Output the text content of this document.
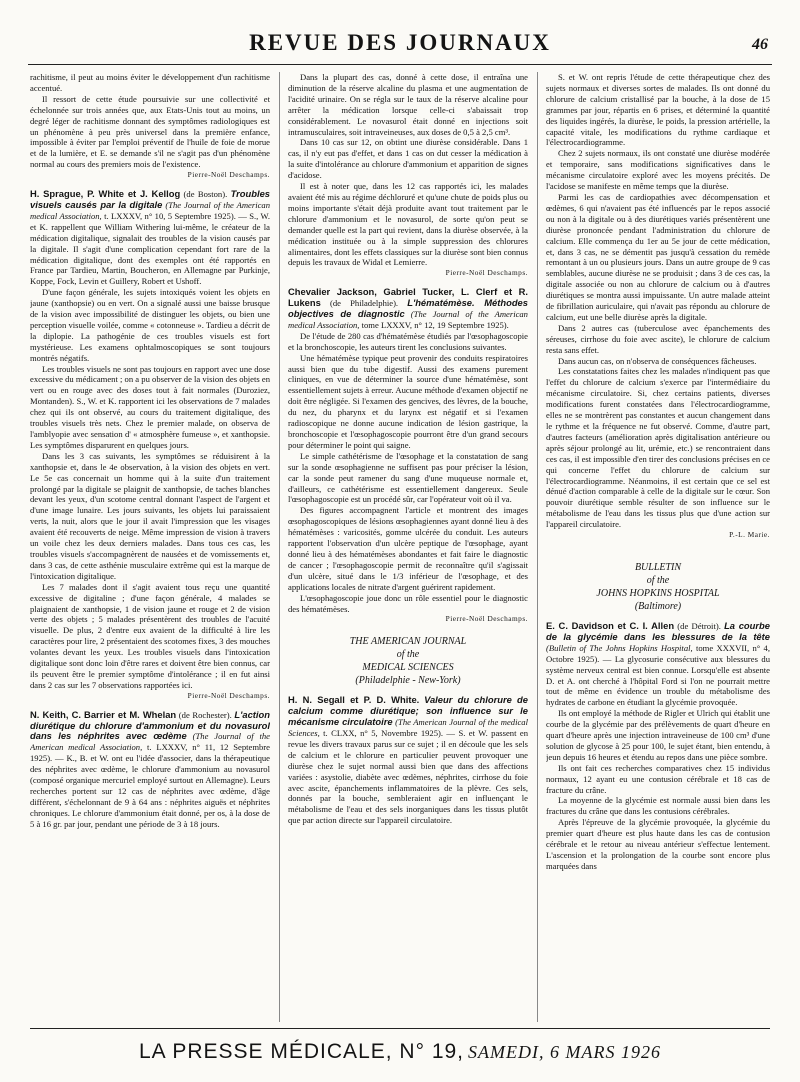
REVUE DES JOURNAUX	46

rachitisme, il peut au moins éviter le développement d'un rachitisme accentué.

Il ressort de cette étude poursuivie sur une collectivité et échelonnée sur trois années que, aux Etats-Unis tout au moins, un degré léger de rachitisme donnant des symptômes radiologiques est un phénomène à peu près universel dans la première enfance, impossible à éviter par l'emploi préventif de l'huile de foie de morue et de la lumière, et E. se demande s'il ne s'agit pas d'un phénomène normal au cours des premiers mois de l'existence.

Pierre-Noël Deschamps.

H. Sprague, P. White et J. Kellog (de Boston). Troubles visuels causés par la digitale (The Journal of the American medical Association, t. LXXXV, n° 10, 5 Septembre 1925). — S., W. et K. rappellent que William Withering lui-même, le créateur de la médication digitalique, signalait des troubles de la vision causés par la digitale. Il s'agit d'une complication cependant fort rare de la médication digitalique, dont des exemples ont été rapportés en France par Tardieu, Martin, Boucheron, en Allemagne par Purkinje, Koppe, Fock, Levin et Guillery, Robert et Ushoff.

D'une façon générale, les sujets intoxiqués voient les objets en jaune (xanthopsie) ou en vert. On a signalé aussi une baisse brusque de la vision avec impossibilité de distinguer les objets, ou bien une perception visuelle voilée, comme « cotonneuse ». Tardieu a décrit de la diplopie. La pathogénie de ces troubles visuels est fort mystérieuse. Les examens ophtalmoscopiques se sont toujours montrés négatifs.

Les troubles visuels ne sont pas toujours en rapport avec une dose excessive du médicament ; on a pu observer de la vision des objets en vert ou en rouge avec des doses tout à fait normales (Duroziez, Montanden). S., W. et K. rapportent ici les observations de 7 malades chez qui ils ont observé, au cours du traitement digitalique, des troubles visuels très nets. Chez le premier malade, on observa de l'amblyopie avec sensation d' « atmosphère fumeuse », et xanthopsie. Les symptômes disparurent en quelques jours.

Dans les 3 cas suivants, les symptômes se réduisirent à la xanthopsie et, dans le 4e observation, à la vision des objets en vert. Le 5e cas concernait un homme qui à la suite d'un traitement prolongé par la digitale se plaignit de xanthopsie, de taches blanches devant les yeux, d'un scotome central donnant l'aspect de l'argent et d'une image lunaire. Les jours suivants, les objets lui paraissaient verts, la nuit, alors que le jour il avait l'impression que les visages avaient été recouverts de neige. Même impression de vision à travers un voile chez les deux derniers malades. Dans tous ces cas, les troubles visuels s'accompagnèrent de nausées et de vomissements et, dans 3 cas, de cette asthénie musculaire extrême qui est la marque de l'intoxication digitalique.

Les 7 malades dont il s'agit avaient tous reçu une quantité excessive de digitaline ; d'une façon générale, 4 malades se plaignaient de xanthopsie, 1 de vision jaune et rouge et 2 de vision verte des objets ; 5 malades présentèrent des troubles de l'acuité visuelle. De plus, 2 d'entre eux avaient de la difficulté à lire les caractères pour lire, 2 présentaient des scotomes fixes, 3 des mouches volantes devant les yeux. Les troubles visuels dans l'intoxication digitalique sont donc loin d'être rares et doivent être bien connus, car ils peuvent être le premier symptôme d'intolérance ; il en fut ainsi dans 2 cas sur les 7 observations rapportées ici.

Pierre-Noël Deschamps.

N. Keith, C. Barrier et M. Whelan (de Rochester). L'action diurétique du chlorure d'ammonium et du novasurol dans les néphrites avec œdème (The Journal of the American medical Association, t. LXXXV, n° 11, 12 Septembre 1925). — K., B. et W. ont eu l'idée d'associer, dans la thérapeutique des néphrites avec œdème, le chlorure d'ammonium au novasurol (composé organique mercuriel employé surtout en Allemagne). Leurs recherches portent sur 12 cas de néphrites avec œdème, d'âge différent, s'échelonnant de 9 à 64 ans : néphrites aiguës et néphrites chroniques. Le chlorure d'ammonium était donné, per os, à la dose de 5 à 16 gr. par jour, pendant une période de 3 à 18 jours.

Dans la plupart des cas, donné à cette dose, il entraîna une diminution de la réserve alcaline du plasma et une augmentation de l'acidité urinaire. On se régla sur le taux de la réserve alcaline pour arrêter la médication lorsque celle-ci s'abaissait trop considérablement. Le novasurol était donné en injections soit intramusculaires, soit intraveineuses, aux doses de 0,5 à 2,5 cm³.

Dans 10 cas sur 12, on obtint une diurèse considérable. Dans 1 cas, il n'y eut pas d'effet, et dans 1 cas on dut cesser la médication à la suite d'intolérance au chlorure d'ammonium et apparition de signes d'acidose.

Il est à noter que, dans les 12 cas rapportés ici, les malades avaient été mis au régime déchloruré et qu'une chute de poids plus ou moins importante s'était déjà produite avant tout traitement par le chlorure d'ammonium et le novasurol, de sorte qu'on peut se demander quelle est la part qui revient, dans la diurèse observée, à la médication instituée ou à la simple suppression des chlorures alimentaires, dont les effets classiques sur la diurèse sont bien connus depuis les travaux de Widal et Lemierre.

Pierre-Noël Deschamps.

Chevalier Jackson, Gabriel Tucker, L. Clerf et R. Lukens (de Philadelphie). L'hématémèse. Méthodes objectives de diagnostic (The Journal of the American medical Association, tome LXXXV, n° 12, 19 Septembre 1925).

De l'étude de 280 cas d'hématémèse étudiés par l'œsophagoscopie et la bronchoscopie, les auteurs tirent les conclusions suivantes.

Une hématémèse typique peut provenir des conduits respiratoires aussi bien que du tube digestif. Aussi des examens purement cliniques, en vue de déterminer la source d'une hématémèse, sont essentiellement sujets à erreur. Aucune méthode d'examen objectif ne doit être négligée. Si l'examen des gencives, des lèvres, de la bouche, du nez, du pharynx et du larynx est négatif et si l'examen radioscopique ne donne aucune indication de lésion gastrique, la bronchoscopie et l'œsophagoscopie pourront être d'un grand secours pour déterminer le point qui saigne.

Le simple cathétérisme de l'œsophage et la constatation de sang sur la sonde œsophagienne ne suffisent pas pour préciser la lésion, car la sonde peut ramener du sang d'une muqueuse normale et, d'ailleurs, ce cathétérisme est essentiellement dangereux. Seule l'œsophagoscopie est un procédé sûr, car l'opérateur voit où il va.

Des figures accompagnent l'article et montrent des images œsophagoscopiques de lésions œsophagiennes ayant donné lieu à des hématémèses : varicosités, gomme ulcérée du conduit. Les auteurs rapportent l'observation d'un ulcère peptique de l'œsophage, ayant donné lieu à des hématémèses abondantes et fait faire le diagnostic de cancer ; l'œsophagoscopie permit de reconnaître qu'il s'agissait d'un ulcère, situé dans le 1/3 inférieur de l'œsophage, et des applications locales de nitrate d'argent guérirent rapidement.

L'œsophagoscopie joue donc un rôle essentiel pour le diagnostic des hématémèses.

Pierre-Noël Deschamps.

THE AMERICAN JOURNAL
of the
MEDICAL SCIENCES
(Philadelphie - New-York)

H. N. Segall et P. D. White. Valeur du chlorure de calcium comme diurétique; son influence sur le mécanisme circulatoire (The American Journal of the medical Sciences, t. CLXX, n° 5, Novembre 1925). — S. et W. passent en revue les divers travaux parus sur ce sujet ; il en découle que les sels de calcium et le chlorure en particulier peuvent provoquer une diurèse chez le sujet normal aussi bien que dans des affections variées : asystolie, diabète avec œdèmes, néphrites, cirrhose du foie avec ascite, épanchements inflammatoires de la plèvre. Ces sels, donnés par la bouche, sembleraient agir en influençant le métabolisme de l'eau et des sels inorganiques dans les tissus plutôt que par action directe sur l'appareil circulatoire.

S. et W. ont repris l'étude de cette thérapeutique chez des sujets normaux et diverses sortes de malades. Ils ont donné du chlorure de calcium cristallisé par la bouche, à la dose de 15 grammes par jour, répartis en 6 prises, et déterminé la quantité des liquides ingérés, la diurèse, le poids, la pression artérielle, la capacité vitale, les modifications du rythme cardiaque et l'électrocardiogramme.

Chez 2 sujets normaux, ils ont constaté une diurèse modérée et temporaire, sans modifications significatives dans le mécanisme circulatoire exploré avec les moyens précités. De l'acidose se manifeste en même temps que la diurèse.

Parmi les cas de cardiopathies avec décompensation et œdèmes, 6 qui n'avaient pas été influencés par le repos associé ou non à la digitale ou à des diurétiques variés présentèrent une diurèse prononcée pendant l'administration du chlorure de calcium. Elle commença du 1er au 5e jour de cette médication, et, dans 3 cas, ne se démentit pas jusqu'à cessation du remède remontant à un ou plusieurs jours. Dans un autre groupe de 9 cas semblables, aucune diurèse ne se produisit ; dans 3 de ces cas, la digitale associée ou non au chlorure de calcium ou à d'autres diurétiques se montra aussi impuissante. Un autre malade atteint de fibrillation auriculaire, qui n'avait pas répondu au chlorure de calcium, eut une belle diurèse après la digitale.

Dans 2 autres cas (tuberculose avec épanchements des séreuses, cirrhose du foie avec ascite), le chlorure de calcium resta sans effet.

Dans aucun cas, on n'observa de conséquences fâcheuses.

Les constatations faites chez les malades n'indiquent pas que l'effet du chlorure de calcium s'exerce par l'intermédiaire du mécanisme circulatoire. Si, chez certains patients, diverses modifications furent constatées dans l'électrocardiogramme, elles ne se montrèrent pas constantes et aucun changement dans le rythme et la fréquence ne fut observé. Comme, d'autre part, d'autres facteurs (amélioration après digitalisation antérieure ou après séjour prolongé au lit, urémie, etc.) se rencontraient dans ces cas, il est impossible d'en tirer des conclusions précises en ce qui concerne l'effet du chlorure de calcium sur l'électrocardiogramme. Néanmoins, il est certain que ce sel est dénué d'action comparable à celle de la digitale sur le cœur. Son pouvoir diurétique semble résulter de son influence sur le métabolisme de l'eau dans les tissus plus que d'une action sur l'appareil circulatoire.

P.-L. Marie.

BULLETIN
of the
JOHNS HOPKINS HOSPITAL
(Baltimore)

E. C. Davidson et C. I. Allen (de Détroit). La courbe de la glycémie dans les blessures de la tête (Bulletin of The Johns Hopkins Hospital, tome XXXVII, n° 4, Octobre 1925). — La glycosurie consécutive aux blessures du système nerveux central est bien connue. Lorsqu'elle est absente D. et A. ont cherché à l'hôpital Ford si l'on ne pourrait mettre tout de même en évidence un trouble du métabolisme des hydrates de carbone en étudiant la glycémie provoquée.

Ils ont employé la méthode de Rigler et Ulrich qui établit une courbe de la glycémie par des prélèvements de quart d'heure en quart d'heure après une injection intraveineuse de 100 cm³ d'une solution de glycose à 25 pour 100, le sujet étant, bien entendu, à jeun depuis 16 heures et étendu au repos dans une pièce sombre.

Ils ont fait ces recherches comparatives chez 15 individus normaux, 12 ayant eu une contusion cérébrale et 18 cas de fracture du crâne.

La moyenne de la glycémie est normale aussi bien dans les fractures du crâne que dans les contusions cérébrales.

Après l'épreuve de la glycémie provoquée, la glycémie du premier quart d'heure est plus haute dans les cas de contusion cérébrale et le retour au niveau antérieur s'effectue lentement. L'ascension et la prolongation de la courbe sont encore plus marquées dans

LA PRESSE MÉDICALE, N° 19, SAMEDI, 6 MARS 1926
